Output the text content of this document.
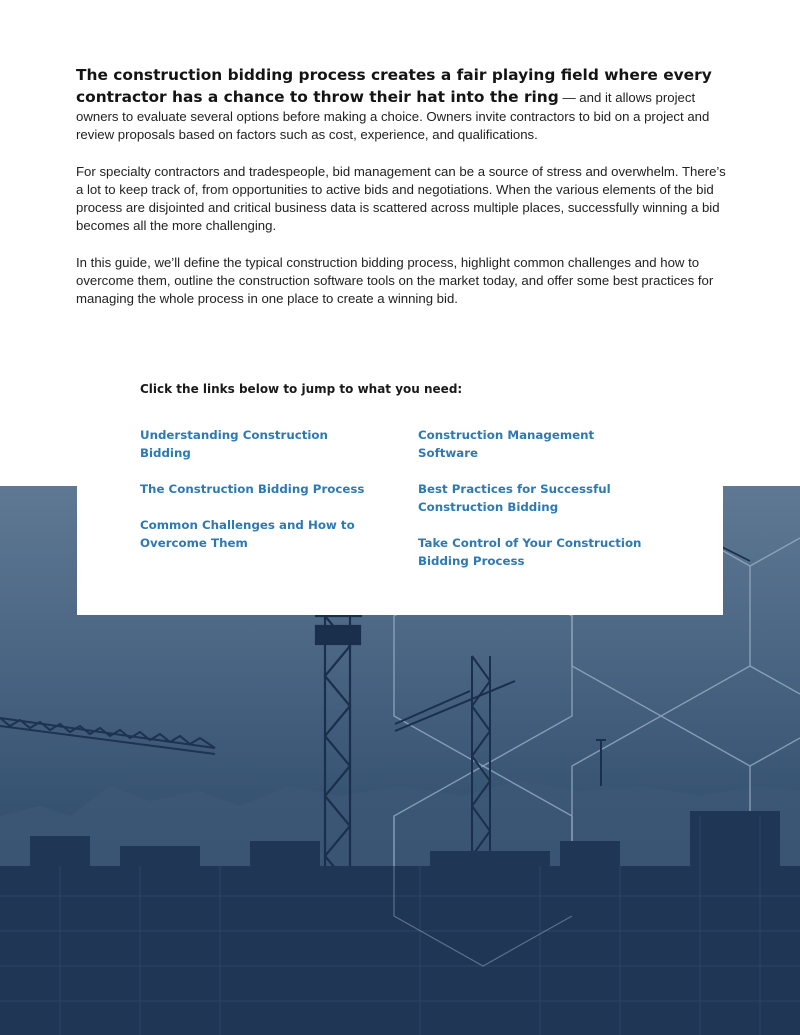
The construction bidding process creates a fair playing field where every contractor has a chance to throw their hat into the ring — and it allows project owners to evaluate several options before making a choice. Owners invite contractors to bid on a project and review proposals based on factors such as cost, experience, and qualifications.

For specialty contractors and tradespeople, bid management can be a source of stress and overwhelm. There’s a lot to keep track of, from opportunities to active bids and negotiations. When the various elements of the bid process are disjointed and critical business data is scattered across multiple places, successfully winning a bid becomes all the more challenging.

In this guide, we’ll define the typical construction bidding process, highlight common challenges and how to overcome them, outline the construction software tools on the market today, and offer some best practices for managing the whole process in one place to create a winning bid.

Click the links below to jump to what you need:
Understanding Construction Bidding
The Construction Bidding Process
Common Challenges and How to Overcome Them
Construction Management Software
Best Practices for Successful Construction Bidding
Take Control of Your Construction Bidding Process
